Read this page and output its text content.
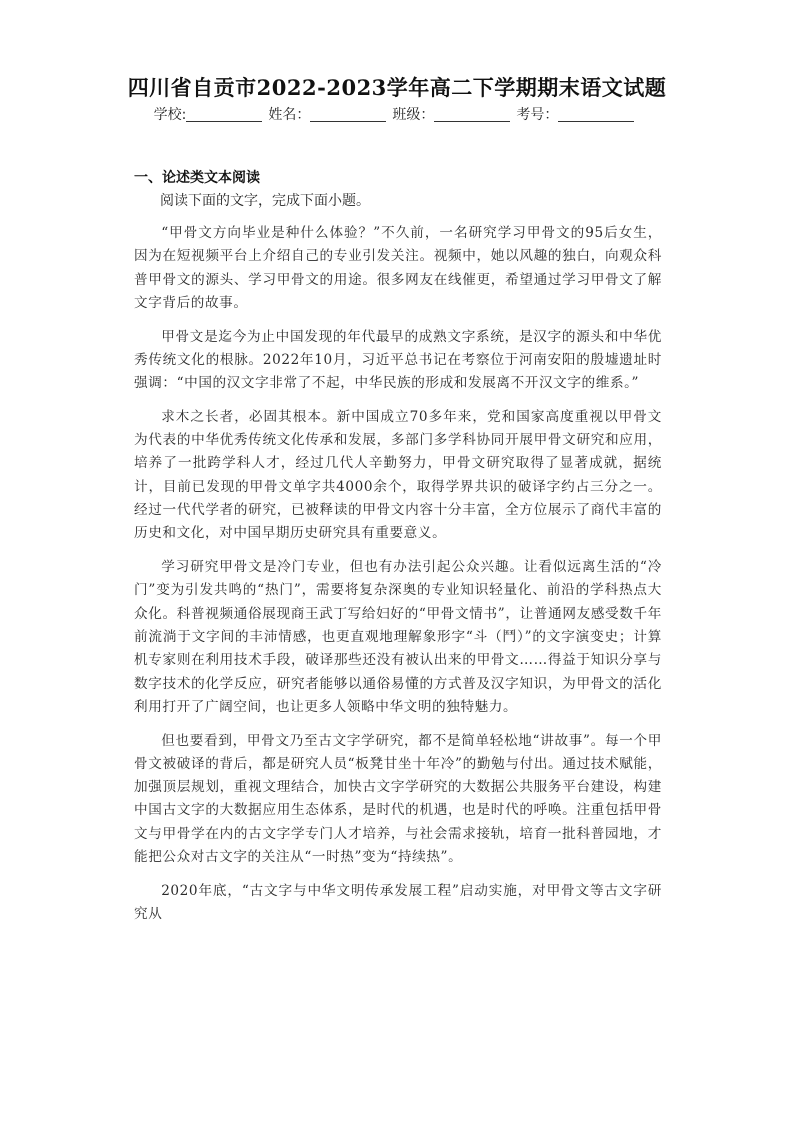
四川省自贡市2022-2023学年高二下学期期末语文试题
学校:	姓名：	班级：	考号：
一、论述类文本阅读
阅读下面的文字，完成下面小题。

“甲骨文方向毕业是种什么体验？”不久前，一名研究学习甲骨文的95后女生，因为在短视频平台上介绍自己的专业引发关注。视频中，她以风趣的独白，向观众科普甲骨文的源头、学习甲骨文的用途。很多网友在线催更，希望通过学习甲骨文了解文字背后的故事。

甲骨文是迄今为止中国发现的年代最早的成熟文字系统，是汉字的源头和中华优秀传统文化的根脉。2022年10月，习近平总书记在考察位于河南安阳的殷墟遗址时强调：“中国的汉文字非常了不起，中华民族的形成和发展离不开汉文字的维系。”

求木之长者，必固其根本。新中国成立70多年来，党和国家高度重视以甲骨文为代表的中华优秀传统文化传承和发展，多部门多学科协同开展甲骨文研究和应用，培养了一批跨学科人才，经过几代人辛勤努力，甲骨文研究取得了显著成就，据统计，目前已发现的甲骨文单字共4000余个，取得学界共识的破译字约占三分之一。经过一代代学者的研究，已被释读的甲骨文内容十分丰富，全方位展示了商代丰富的历史和文化，对中国早期历史研究具有重要意义。

学习研究甲骨文是冷门专业，但也有办法引起公众兴趣。让看似远离生活的“冷门”变为引发共鸣的“热门”，需要将复杂深奥的专业知识轻量化、前沿的学科热点大众化。科普视频通俗展现商王武丁写给妇好的“甲骨文情书”，让普通网友感受数千年前流淌于文字间的丰沛情感，也更直观地理解象形字“斗（鬥）”的文字演变史；计算机专家则在利用技术手段，破译那些还没有被认出来的甲骨文……得益于知识分享与数字技术的化学反应，研究者能够以通俗易懂的方式普及汉字知识，为甲骨文的活化利用打开了广阔空间，也让更多人领略中华文明的独特魅力。

但也要看到，甲骨文乃至古文字学研究，都不是简单轻松地“讲故事”。每一个甲骨文被破译的背后，都是研究人员“板凳甘坐十年冷”的勤勉与付出。通过技术赋能，加强顶层规划，重视文理结合，加快古文字学研究的大数据公共服务平台建设，构建中国古文字的大数据应用生态体系，是时代的机遇，也是时代的呼唤。注重包括甲骨文与甲骨学在内的古文字学专门人才培养，与社会需求接轨，培育一批科普园地，才能把公众对古文字的关注从“一时热”变为“持续热”。

2020年底，“古文字与中华文明传承发展工程”启动实施，对甲骨文等古文字研究从
